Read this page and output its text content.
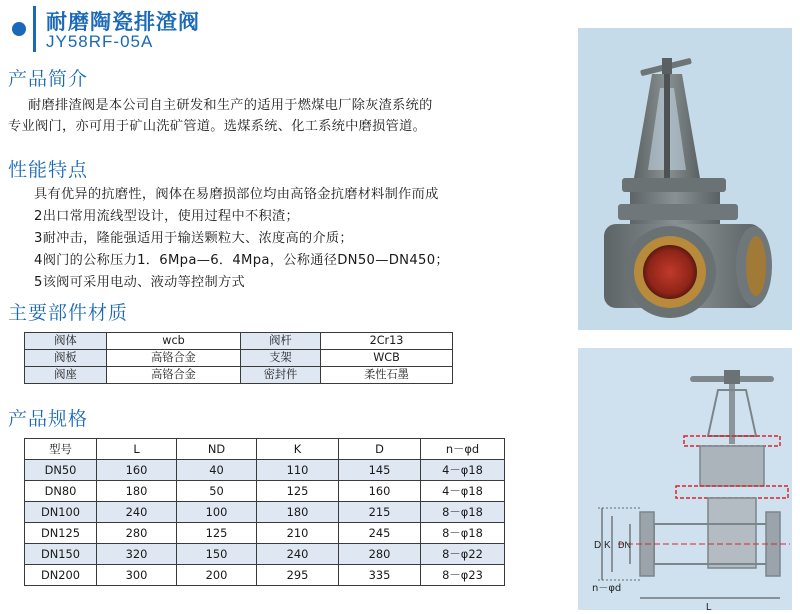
耐磨陶瓷排渣阀
JY58RF-05A
产品简介
耐磨排渣阀是本公司自主研发和生产的适用于燃煤电厂除灰渣系统的
专业阀门，亦可用于矿山洗矿管道。选煤系统、化工系统中磨损管道。
性能特点
具有优异的抗磨性，阀体在易磨损部位均由高铬金抗磨材料制作而成
2出口常用流线型设计，使用过程中不积渣；
3耐冲击，隆能强适用于输送颗粒大、浓度高的介质；
4阀门的公称压力1．6Mpa—6．4Mpa，公称通径DN50—DN450；
5该阀可采用电动、液动等控制方式
主要部件材质
阀体	wcb	阀杆	2Cr13
阀板	高铬合金	支架	WCB
阀座	高铬合金	密封件	柔性石墨
产品规格
型号	L	ND	K	D	n－φd
DN50	160	40	110	145	4－φ18
DN80	180	50	125	160	4－φ18
DN100	240	100	180	215	8－φ18
DN125	280	125	210	245	8－φ18
DN150	320	150	240	280	8－φ22
DN200	300	200	295	335	8－φ23
D K DN
n－φd
L
